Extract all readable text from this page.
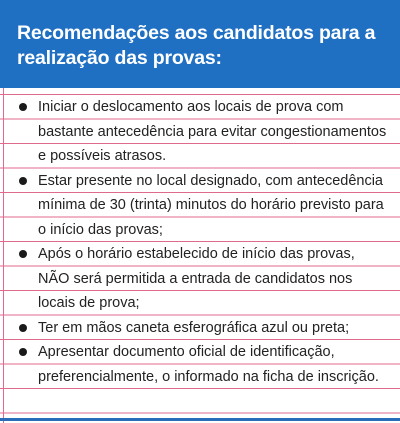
Recomendações aos candidatos para a realização das provas:

Iniciar o deslocamento aos locais de prova com bastante antecedência para evitar congestionamentos e possíveis atrasos.
Estar presente no local designado, com antecedência mínima de 30 (trinta) minutos do horário previsto para o início das provas;
Após o horário estabelecido de início das provas, NÃO será permitida a entrada de candidatos nos locais de prova;
Ter em mãos caneta esferográfica azul ou preta;
Apresentar documento oficial de identificação, preferencialmente, o informado na ficha de inscrição.
